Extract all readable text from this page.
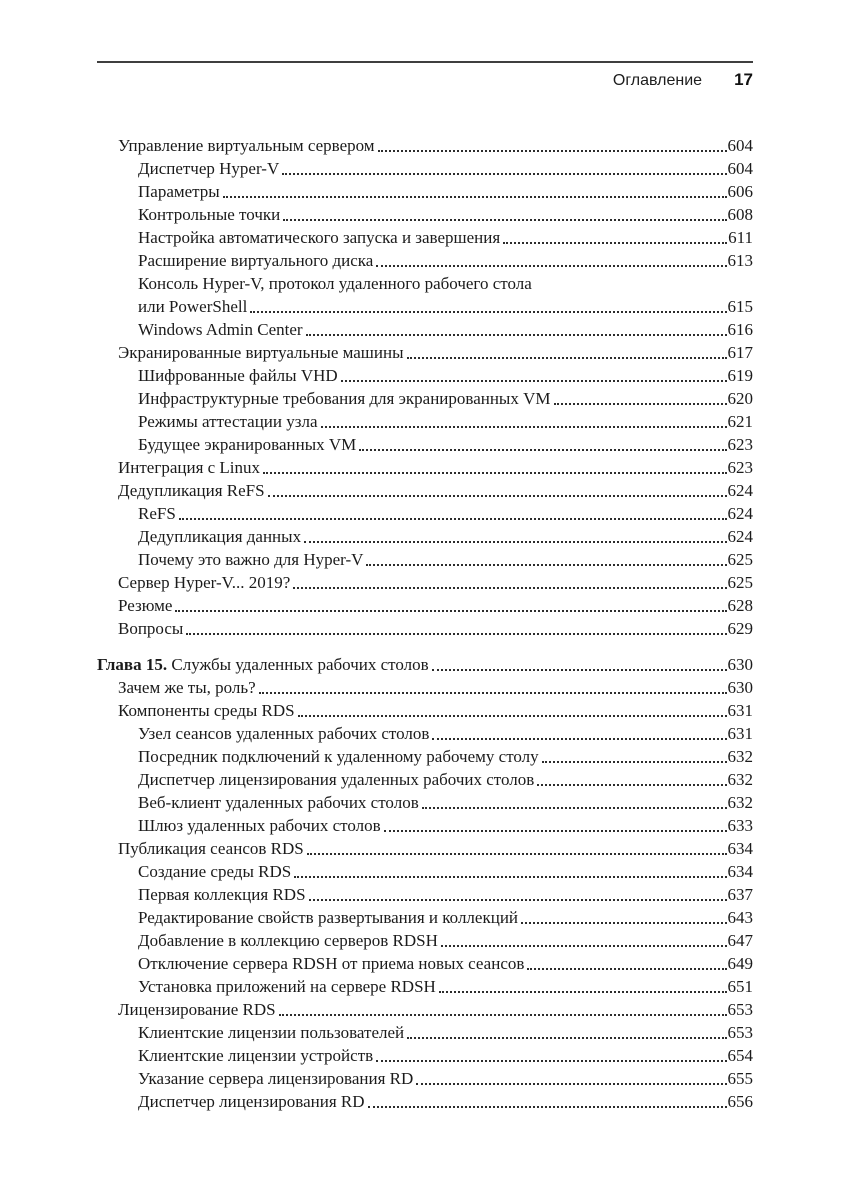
Оглавление 17
Управление виртуальным сервером	604
Диспетчер Hyper-V	604
Параметры	606
Контрольные точки	608
Настройка автоматического запуска и завершения	611
Расширение виртуального диска	613
Консоль Hyper-V, протокол удаленного рабочего стола
или PowerShell	615
Windows Admin Center	616
Экранированные виртуальные машины	617
Шифрованные файлы VHD	619
Инфраструктурные требования для экранированных VM	620
Режимы аттестации узла	621
Будущее экранированных VM	623
Интеграция с Linux	623
Дедупликация ReFS	624
ReFS	624
Дедупликация данных	624
Почему это важно для Hyper-V	625
Сервер Hyper-V... 2019?	625
Резюме	628
Вопросы	629
Глава 15. Службы удаленных рабочих столов	630
Зачем же ты, роль?	630
Компоненты среды RDS	631
Узел сеансов удаленных рабочих столов	631
Посредник подключений к удаленному рабочему столу	632
Диспетчер лицензирования удаленных рабочих столов	632
Веб-клиент удаленных рабочих столов	632
Шлюз удаленных рабочих столов	633
Публикация сеансов RDS	634
Создание среды RDS	634
Первая коллекция RDS	637
Редактирование свойств развертывания и коллекций	643
Добавление в коллекцию серверов RDSH	647
Отключение сервера RDSH от приема новых сеансов	649
Установка приложений на сервере RDSH	651
Лицензирование RDS	653
Клиентские лицензии пользователей	653
Клиентские лицензии устройств	654
Указание сервера лицензирования RD	655
Диспетчер лицензирования RD	656
